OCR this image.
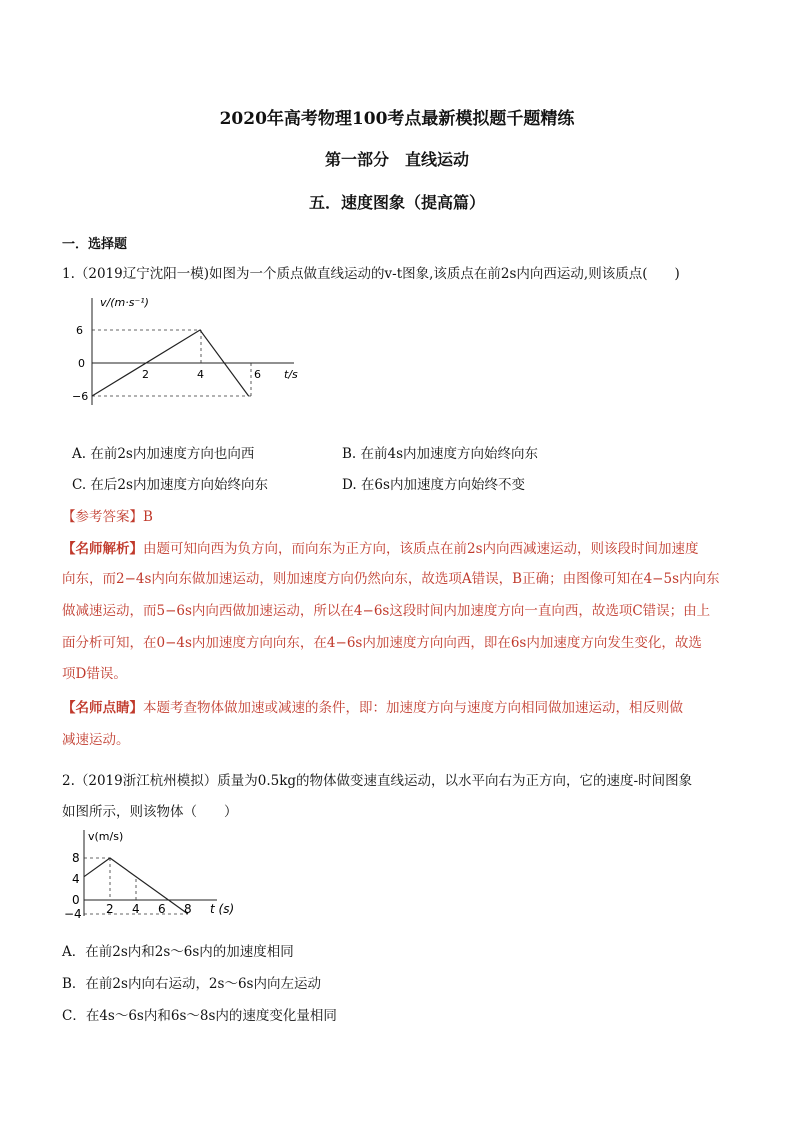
2020年高考物理100考点最新模拟题千题精练
第一部分　直线运动
五．速度图象（提高篇）
一．选择题
1.（2019辽宁沈阳一模)如图为一个质点做直线运动的v-t图象,该质点在前2s内向西运动,则该质点(　　)
v/(m·s⁻¹)
6
0
−6
2	4	6 t/s
A. 在前2s内加速度方向也向西	B. 在前4s内加速度方向始终向东
C. 在后2s内加速度方向始终向东	D. 在6s内加速度方向始终不变
【参考答案】B
【名师解析】由题可知向西为负方向，而向东为正方向，该质点在前2s内向西减速运动，则该段时间加速度
向东，而2−4s内向东做加速运动，则加速度方向仍然向东，故选项A错误，B正确；由图像可知在4−5s内向东
做减速运动，而5−6s内向西做加速运动，所以在4−6s这段时间内加速度方向一直向西，故选项C错误；由上
面分析可知，在0−4s内加速度方向向东，在4−6s内加速度方向向西，即在6s内加速度方向发生变化，故选
项D错误。
【名师点睛】本题考查物体做加速或减速的条件，即：加速度方向与速度方向相同做加速运动，相反则做
减速运动。
2.（2019浙江杭州模拟）质量为0.5kg的物体做变速直线运动，以水平向右为正方向，它的速度-时间图象
如图所示，则该物体（　　）
v(m/s)
8
4
0
−4 2 4 6 8 t (s)
A．在前2s内和2s～6s内的加速度相同
B．在前2s内向右运动，2s～6s内向左运动
C．在4s～6s内和6s～8s内的速度变化量相同
